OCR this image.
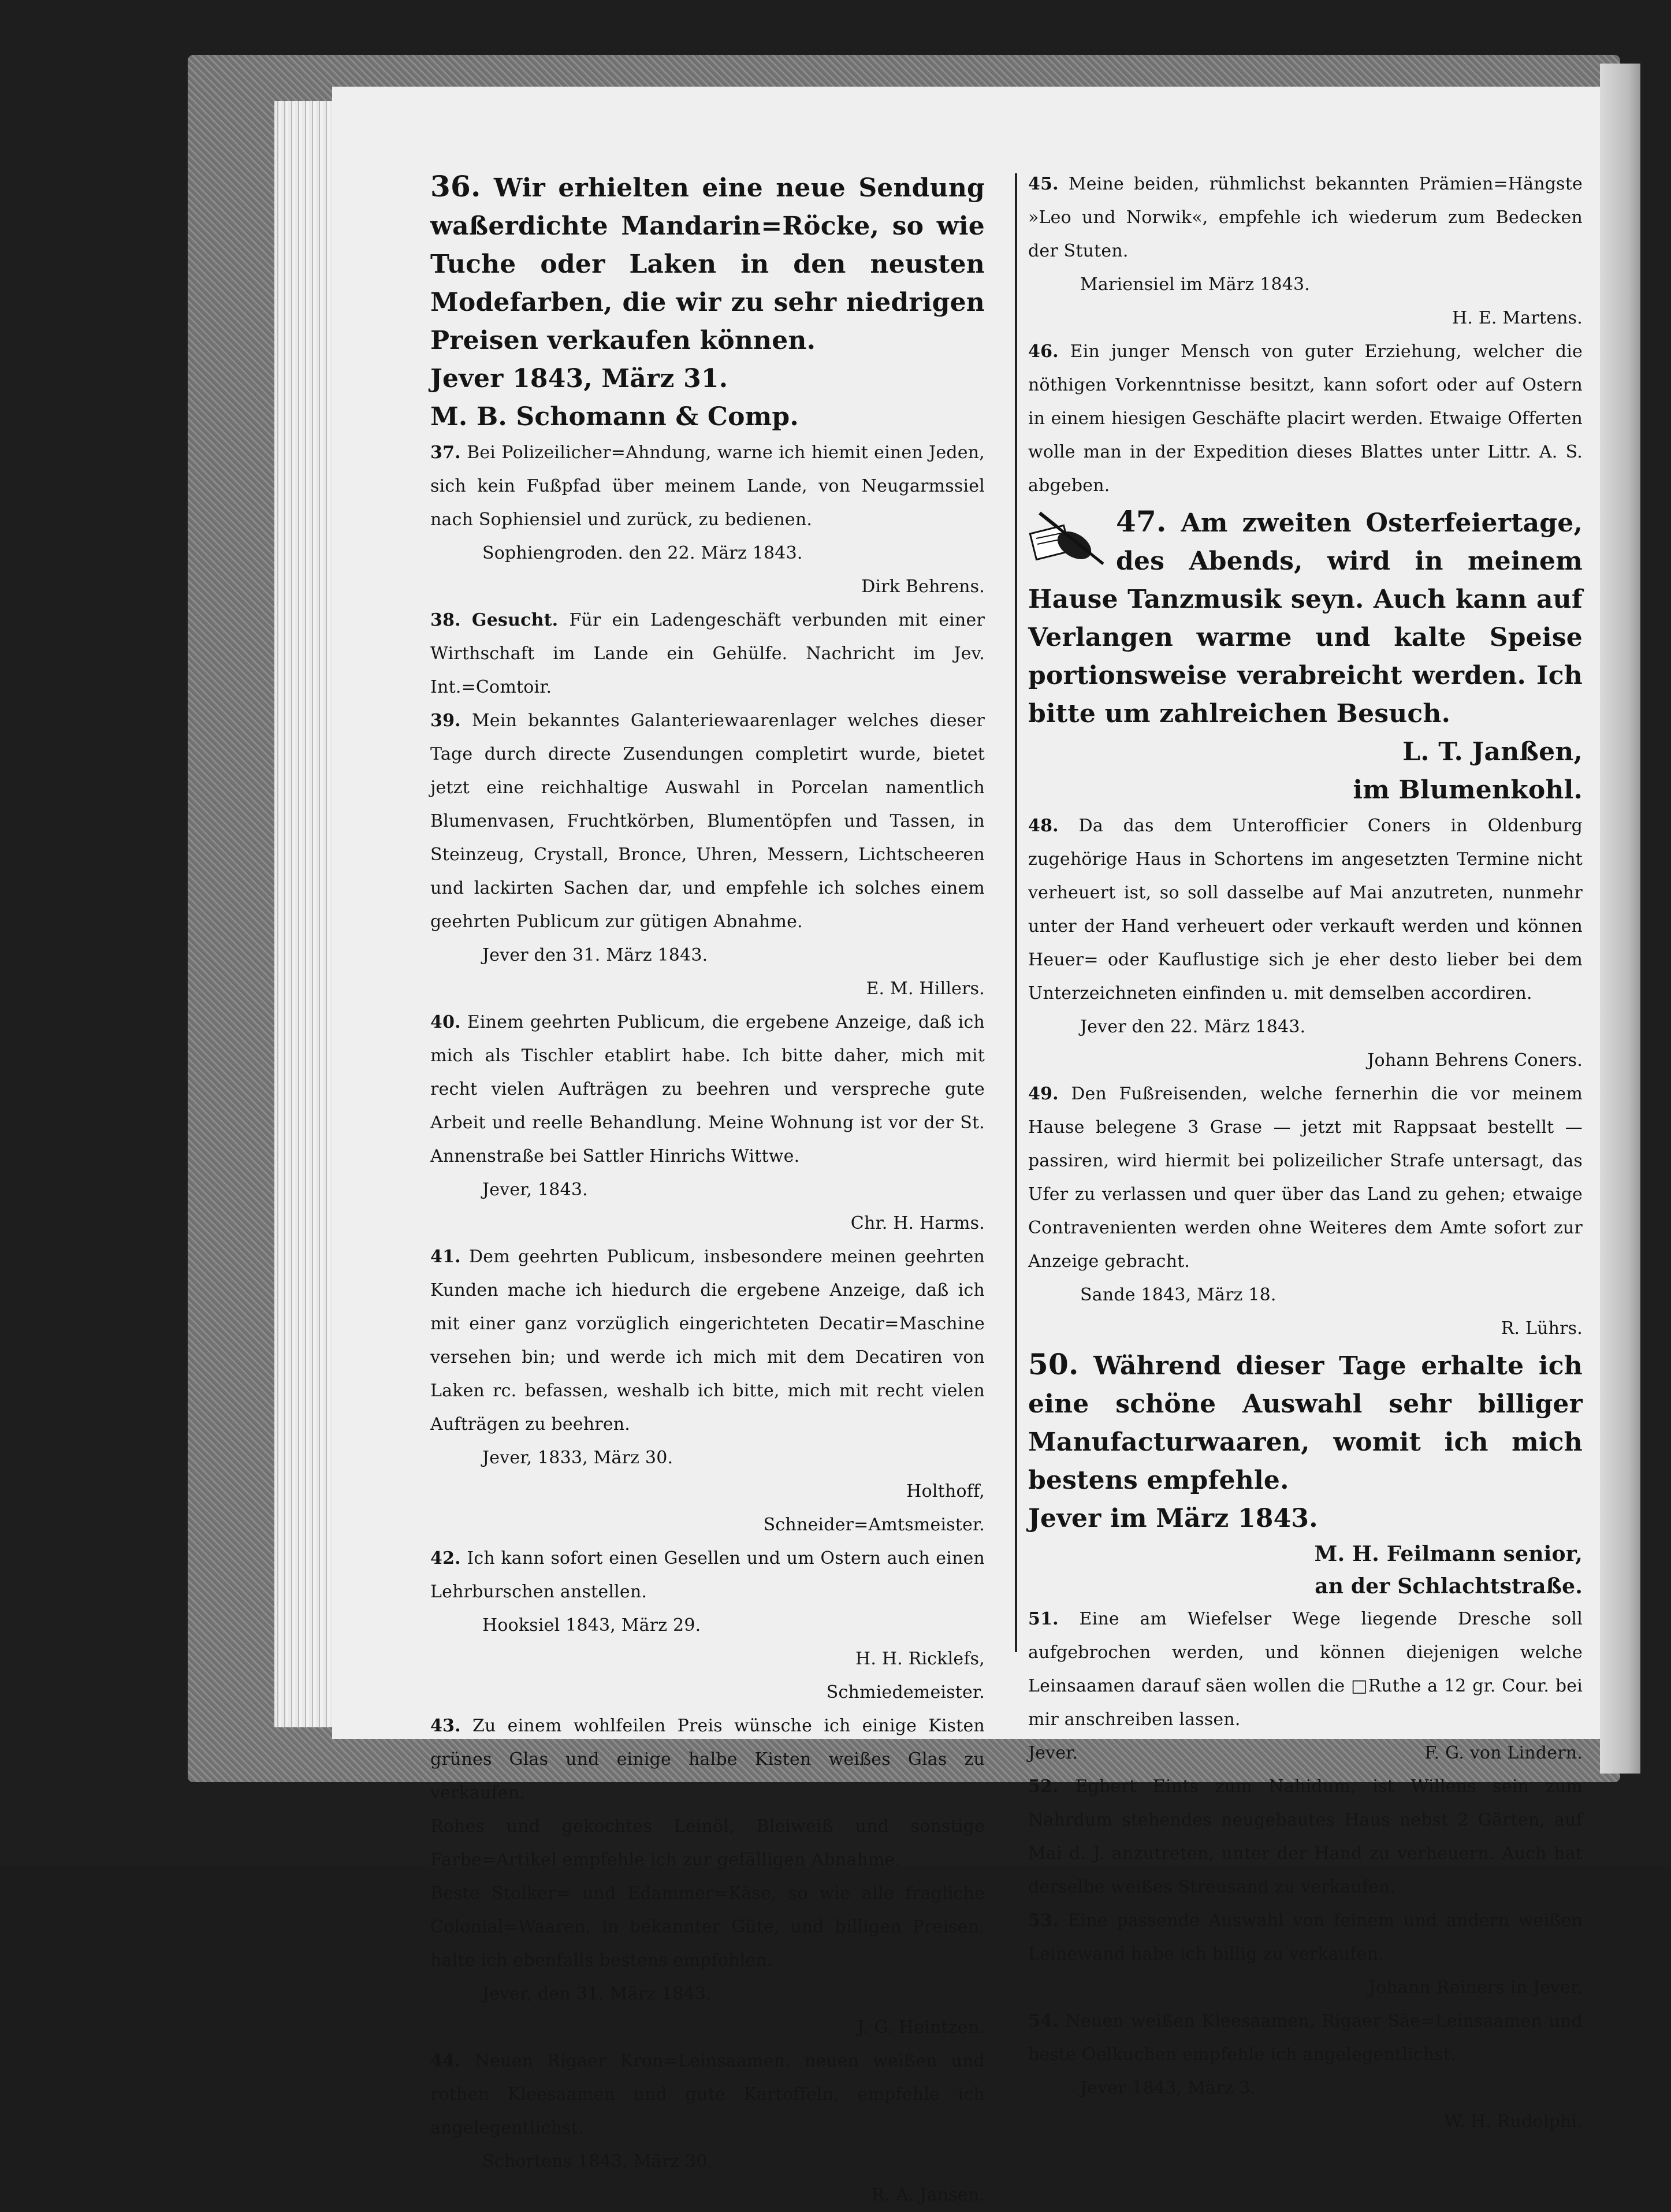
36. Wir erhielten eine neue Sendung waßerdichte Mandarin=Röcke, so wie Tuche oder Laken in den neusten Modefarben, die wir zu sehr niedrigen Preisen verkaufen können.

Jever 1843, März 31.

M. B. Schomann & Comp.

37. Bei Polizeilicher=Ahndung, warne ich hiemit einen Jeden, sich kein Fußpfad über meinem Lande, von Neugarmssiel nach Sophiensiel und zurück, zu bedienen.

Sophiengroden. den 22. März 1843.

Dirk Behrens.

38. Gesucht. Für ein Ladengeschäft verbunden mit einer Wirthschaft im Lande ein Gehülfe. Nachricht im Jev. Int.=Comtoir.

39. Mein bekanntes Galanteriewaarenlager welches dieser Tage durch directe Zusendungen completirt wurde, bietet jetzt eine reichhaltige Auswahl in Porcelan namentlich Blumenvasen, Fruchtkörben, Blumentöpfen und Tassen, in Steinzeug, Crystall, Bronce, Uhren, Messern, Lichtscheeren und lackirten Sachen dar, und empfehle ich solches einem geehrten Publicum zur gütigen Abnahme.

Jever den 31. März 1843.

E. M. Hillers.

40. Einem geehrten Publicum, die ergebene Anzeige, daß ich mich als Tischler etablirt habe. Ich bitte daher, mich mit recht vielen Aufträgen zu beehren und verspreche gute Arbeit und reelle Behandlung. Meine Wohnung ist vor der St. Annenstraße bei Sattler Hinrichs Wittwe.

Jever, 1843.

Chr. H. Harms.

41. Dem geehrten Publicum, insbesondere meinen geehrten Kunden mache ich hiedurch die ergebene Anzeige, daß ich mit einer ganz vorzüglich eingerichteten Decatir=Maschine versehen bin; und werde ich mich mit dem Decatiren von Laken rc. befassen, weshalb ich bitte, mich mit recht vielen Aufträgen zu beehren.

Jever, 1833, März 30.

Holthoff,

Schneider=Amtsmeister.

42. Ich kann sofort einen Gesellen und um Ostern auch einen Lehrburschen anstellen.

Hooksiel 1843, März 29.

H. H. Ricklefs,

Schmiedemeister.

43. Zu einem wohlfeilen Preis wünsche ich einige Kisten grünes Glas und einige halbe Kisten weißes Glas zu verkaufen.

Rohes und gekochtes Leinöl, Bleiweiß und sonstige Farbe=Artikel empfehle ich zur gefälligen Abnahme.

Beste Stolker= und Edammer=Käse, so wie alle fragliche Colonial=Waaren, in bekannter Güte, und billigen Preisen, halte ich ebenfalls bestens empfohlen.

Jever, den 31. März 1843.

J. G. Heintzen.

44. Neuen Rigaer Kron=Leinsaamen, neuen weißen und rothen Kleesaamen und gute Kartoffeln, empfehle ich angelegentlichst.

Schortens 1843, März 30.

R. A. Jansen.

45. Meine beiden, rühmlichst bekannten Prämien=Hängste »Leo und Norwik«, empfehle ich wiederum zum Bedecken der Stuten.

Mariensiel im März 1843.

H. E. Martens.

46. Ein junger Mensch von guter Erziehung, welcher die nöthigen Vorkenntnisse besitzt, kann sofort oder auf Ostern in einem hiesigen Geschäfte placirt werden. Etwaige Offerten wolle man in der Expedition dieses Blattes unter Littr. A. S. abgeben.

47. Am zweiten Osterfeiertage, des Abends, wird in meinem Hause Tanzmusik seyn. Auch kann auf Verlangen warme und kalte Speise portionsweise verabreicht werden. Ich bitte um zahlreichen Besuch.

L. T. Janßen,

im Blumenkohl.

48. Da das dem Unterofficier Coners in Oldenburg zugehörige Haus in Schortens im angesetzten Termine nicht verheuert ist, so soll dasselbe auf Mai anzutreten, nunmehr unter der Hand verheuert oder verkauft werden und können Heuer= oder Kauflustige sich je eher desto lieber bei dem Unterzeichneten einfinden u. mit demselben accordiren.

Jever den 22. März 1843.

Johann Behrens Coners.

49. Den Fußreisenden, welche fernerhin die vor meinem Hause belegene 3 Grase — jetzt mit Rappsaat bestellt — passiren, wird hiermit bei polizeilicher Strafe untersagt, das Ufer zu verlassen und quer über das Land zu gehen; etwaige Contravenienten werden ohne Weiteres dem Amte sofort zur Anzeige gebracht.

Sande 1843, März 18.

R. Lührs.

50. Während dieser Tage erhalte ich eine schöne Auswahl sehr billiger Manufacturwaaren, womit ich mich bestens empfehle.

Jever im März 1843.

M. H. Feilmann senior,

an der Schlachtstraße.

51. Eine am Wiefelser Wege liegende Dresche soll aufgebrochen werden, und können diejenigen welche Leinsaamen darauf säen wollen die □Ruthe a 12 gr. Cour. bei mir anschreiben lassen.

Jever.	F. G. von Lindern.

52. Egbert Eints zum Nahidum, ist Willens sein zum Nahrdum stehendes neugebautes Haus nebst 2 Gärten, auf Mai d. J. anzutreten, unter der Hand zu verheuern. Auch hat derselbe weißes Streusand zu verkaufen.

53. Eine passende Auswahl von feinem und andern weißen Leinewand habe ich billig zu verkaufen.

Johann Reiners in Jever.

54. Neuen weißen Kleesaamen, Rigaer Säe=Leinsaamen und beste Oelkuchen empfehle ich angelegentlichst.

Jever 1843, März 3.

W. H. Rudolphi.
